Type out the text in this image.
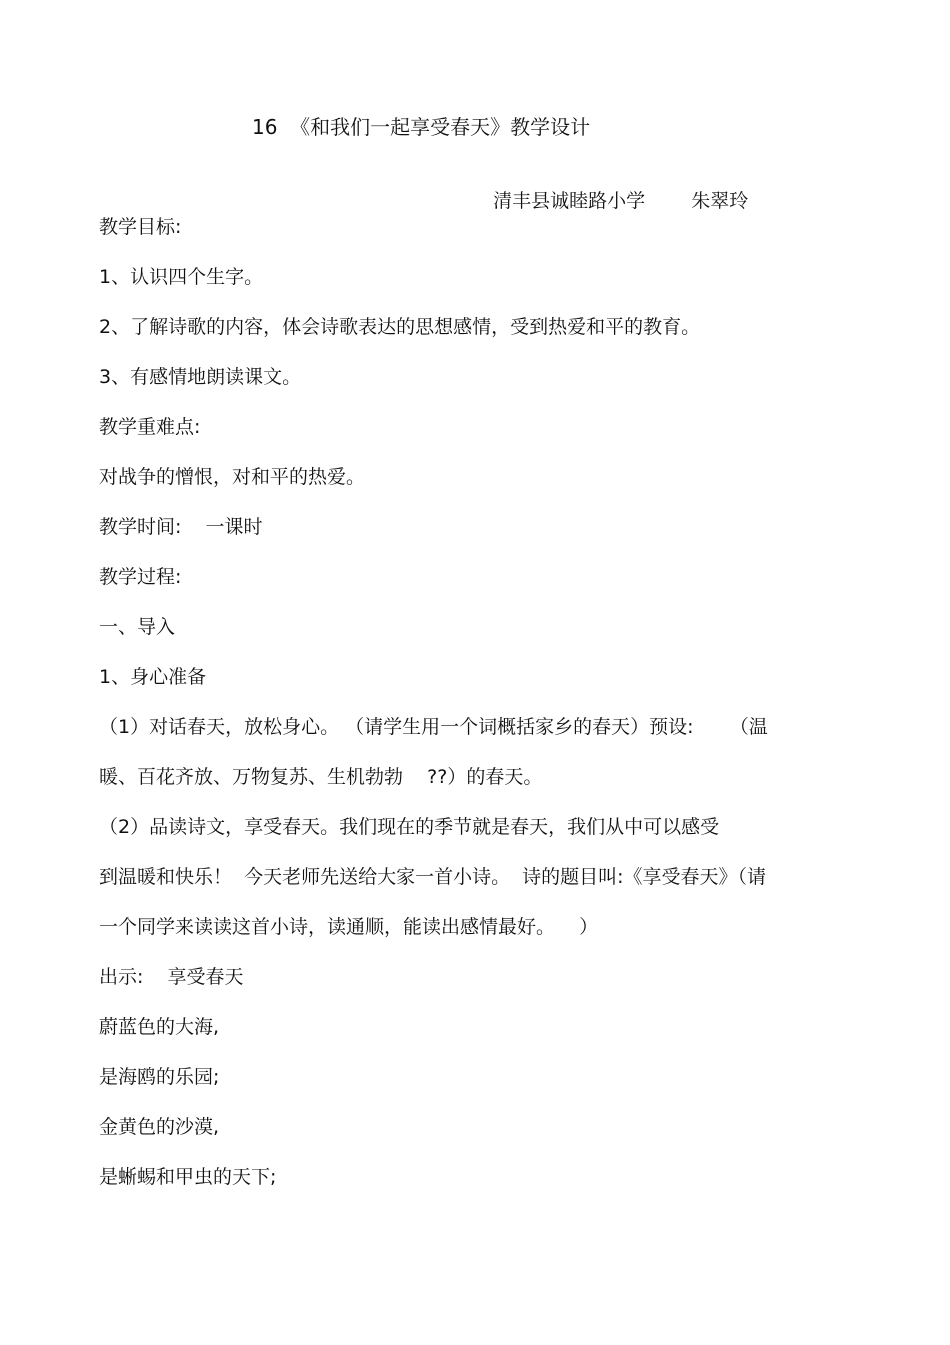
16  《和我们一起享受春天》教学设计

清丰县诚睦路小学 朱翠玲

教学目标:
1、认识四个生字。
2、了解诗歌的内容，体会诗歌表达的思想感情，受到热爱和平的教育。
3、有感情地朗读课文。
教学重难点:
对战争的憎恨，对和平的热爱。
教学时间:    一课时
教学过程:
一、导入
1、身心准备
（1）对话春天，放松身心。 （请学生用一个词概括家乡的春天）预设:      （温
暖、百花齐放、万物复苏、生机勃勃    ??）的春天。
（2）品读诗文，享受春天。我们现在的季节就是春天，我们从中可以感受
到温暖和快乐！  今天老师先送给大家一首小诗。  诗的题目叫:《享受春天》（请
一个同学来读读这首小诗，读通顺，能读出感情最好。    ）
出示:    享受春天
蔚蓝色的大海,
是海鸥的乐园;
金黄色的沙漠,
是蜥蜴和甲虫的天下;
